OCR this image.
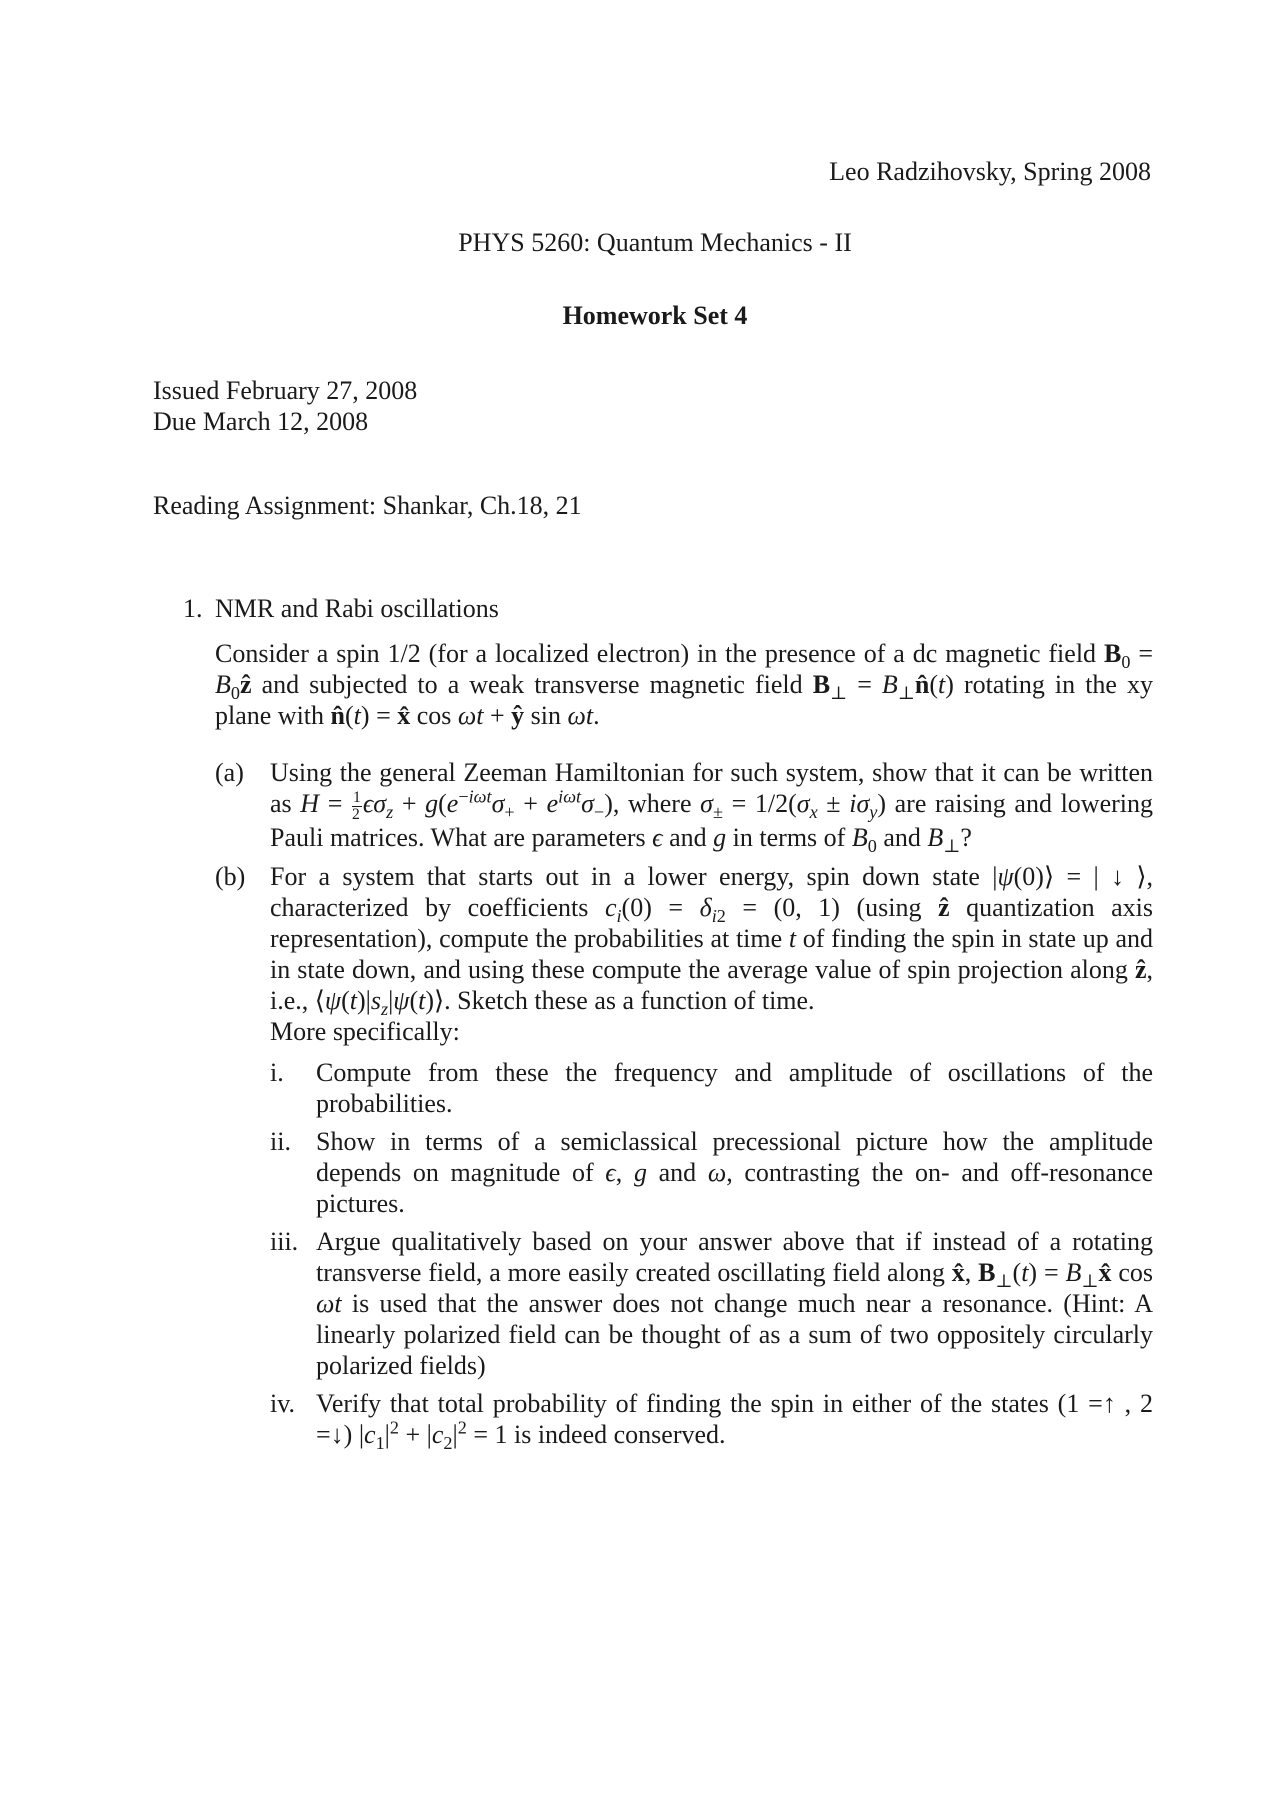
Leo Radzihovsky, Spring 2008
PHYS 5260: Quantum Mechanics - II
Homework Set 4
Issued February 27, 2008
Due March 12, 2008
Reading Assignment: Shankar, Ch.18, 21
1. NMR and Rabi oscillations
Consider a spin 1/2 (for a localized electron) in the presence of a dc magnetic field $B_0$ = $B_0ẑ$ and subjected to a weak transverse magnetic field $B_\perp$ = $B_\perp n̂(t)$ rotating in the xy plane with n̂(t) = x̂ cos ωt + ŷ sin ωt.
(a) Using the general Zeeman Hamiltonian for such system, show that it can be written as $H = \frac{1}{2} \epsilon\sigma_z + g(e^{-i\omega t}\sigma_+ + e^{i\omega t}\sigma_-)$, where $\sigma_\pm = 1/2(\sigma_x \pm i\sigma_y)$ are raising and lowering Pauli matrices. What are parameters ϵ and g in terms of $B_0$ and $B_\perp$?
(b) For a system that starts out in a lower energy, spin down state |ψ(0)⟩ = | ↓ ⟩, characterized by coefficients $c_i(0) = \delta_{i2} = (0$, 1) (using ẑ quantization axis representation), compute the probabilities at time t of finding the spin in state up and in state down, and using these compute the average value of spin projection along ẑ, i.e., $⟨\psi(t)|s_z|\psi(t)⟩$. Sketch these as a function of time.
More specifically:
i.	Compute from these the frequency and amplitude of oscillations of the probabilities.
ii. Show in terms of a semiclassical precessional picture how the amplitude depends on magnitude of ϵ, g and ω, contrasting the on- and off-resonance pictures.
iii. Argue qualitatively based on your answer above that if instead of a rotating transverse field, a more easily created oscillating field along x̂, $B_\perp(t)$ = $B_\perp x̂$ cos ωt is used that the answer does not change much near a resonance. (Hint: A linearly polarized field can be thought of as a sum of two oppositely circularly polarized fields)
iv. Verify that total probability of finding the spin in either of the states (1 =↑ , 2 =↓) $|c_1|^2 + |c_2|^2 = 1$ is indeed conserved.
